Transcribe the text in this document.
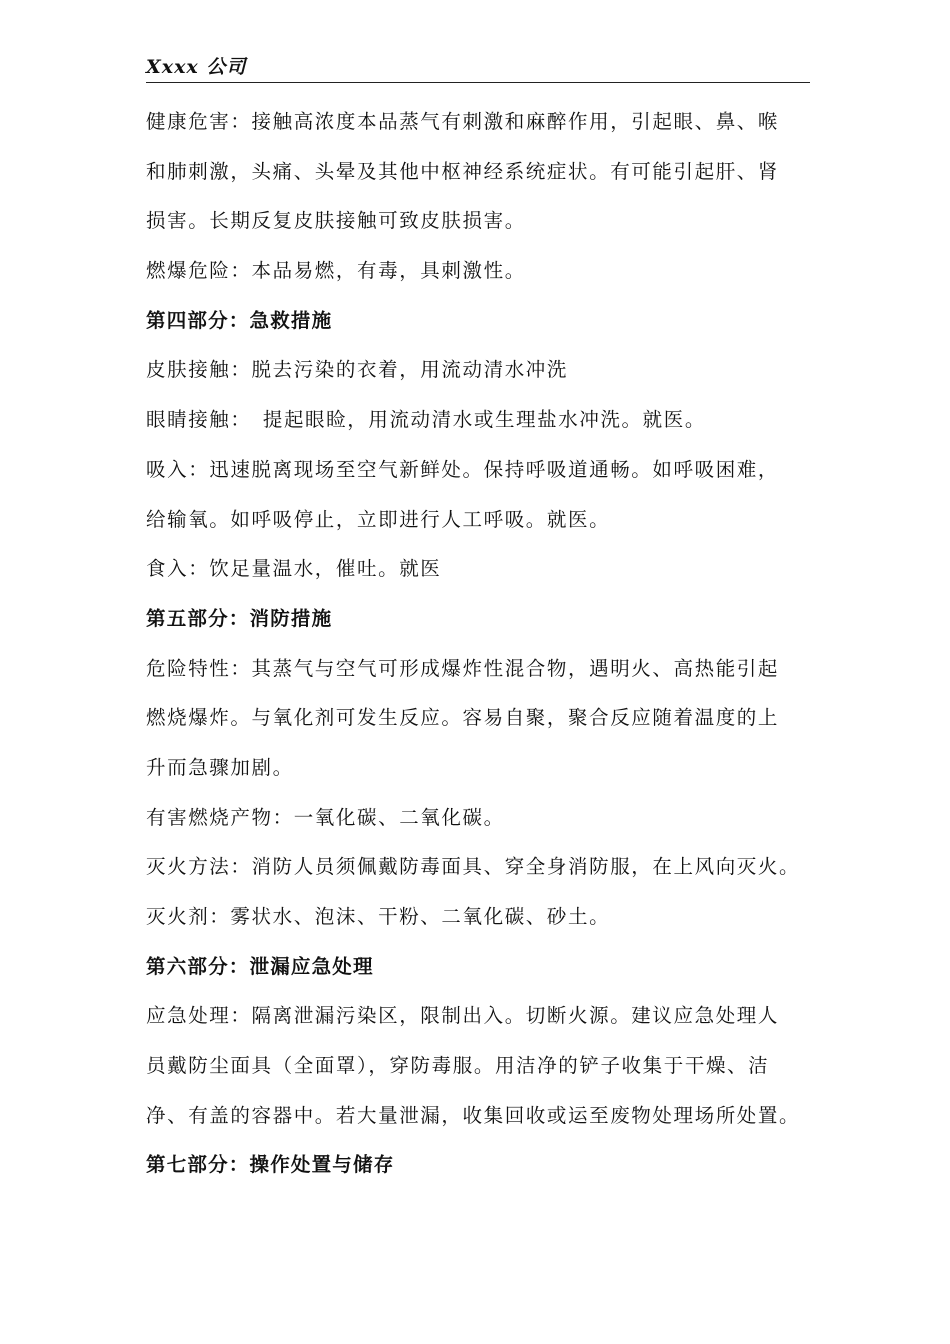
Xxxx 公司
健康危害：接触高浓度本品蒸气有刺激和麻醉作用，引起眼、鼻、喉
和肺刺激，头痛、头晕及其他中枢神经系统症状。有可能引起肝、肾
损害。长期反复皮肤接触可致皮肤损害。
燃爆危险：本品易燃，有毒，具刺激性。
第四部分：急救措施
皮肤接触：脱去污染的衣着，用流动清水冲洗
眼睛接触：　提起眼睑，用流动清水或生理盐水冲洗。就医。
吸入：迅速脱离现场至空气新鲜处。保持呼吸道通畅。如呼吸困难，
给输氧。如呼吸停止，立即进行人工呼吸。就医。
食入：饮足量温水，催吐。就医
第五部分：消防措施
危险特性：其蒸气与空气可形成爆炸性混合物，遇明火、高热能引起
燃烧爆炸。与氧化剂可发生反应。容易自聚，聚合反应随着温度的上
升而急骤加剧。
有害燃烧产物：一氧化碳、二氧化碳。
灭火方法：消防人员须佩戴防毒面具、穿全身消防服，在上风向灭火。
灭火剂：雾状水、泡沫、干粉、二氧化碳、砂土。
第六部分：泄漏应急处理
应急处理：隔离泄漏污染区，限制出入。切断火源。建议应急处理人
员戴防尘面具（全面罩），穿防毒服。用洁净的铲子收集于干燥、洁
净、有盖的容器中。若大量泄漏，收集回收或运至废物处理场所处置。
第七部分：操作处置与储存
